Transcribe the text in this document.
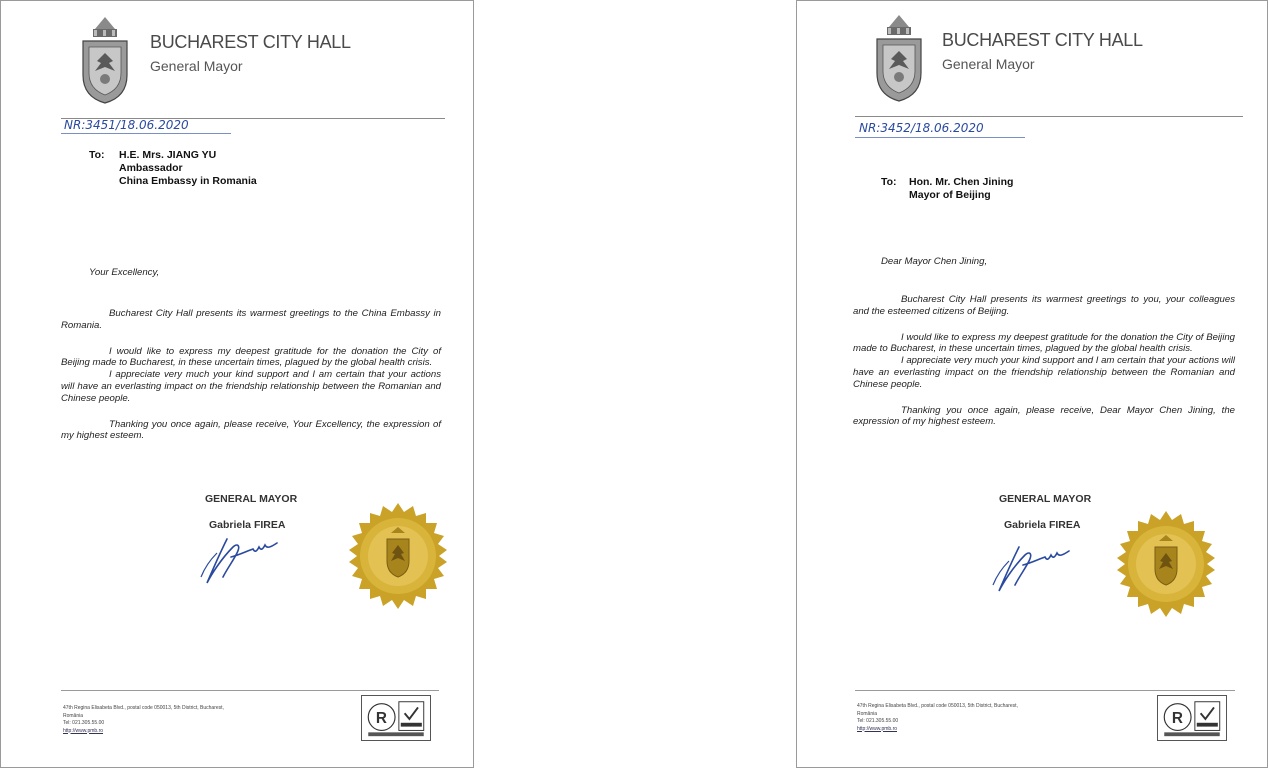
BUCHAREST CITY HALL
General Mayor
NR:3451/18.06.2020
To: H.E. Mrs. JIANG YU
Ambassador
China Embassy in Romania
Your Excellency,

Bucharest City Hall presents its warmest greetings to the China Embassy in Romania.

I would like to express my deepest gratitude for the donation the City of Beijing made to Bucharest, in these uncertain times, plagued by the global health crisis.

I appreciate very much your kind support and I am certain that your actions will have an everlasting impact on the friendship relationship between the Romanian and Chinese people.

Thanking you once again, please receive, Your Excellency, the expression of my highest esteem.

GENERAL MAYOR
Gabriela FIREA
47th Regina Elisabeta Blvd., postal code 050013, 5th District, Bucharest,
România
Tel: 021.305.55.00
http://www.pmb.ro
R
BUCHAREST CITY HALL
General Mayor
NR:3452/18.06.2020
To: Hon. Mr. Chen Jining
Mayor of Beijing
Dear Mayor Chen Jining,

Bucharest City Hall presents its warmest greetings to you, your colleagues and the esteemed citizens of Beijing.

I would like to express my deepest gratitude for the donation the City of Beijing made to Bucharest, in these uncertain times, plagued by the global health crisis.

I appreciate very much your kind support and I am certain that your actions will have an everlasting impact on the friendship relationship between the Romanian and Chinese people.

Thanking you once again, please receive, Dear Mayor Chen Jining, the expression of my highest esteem.

GENERAL MAYOR
Gabriela FIREA
47th Regina Elisabeta Blvd., postal code 050013, 5th District, Bucharest,
România
Tel: 021.305.55.00
http://www.pmb.ro
R
